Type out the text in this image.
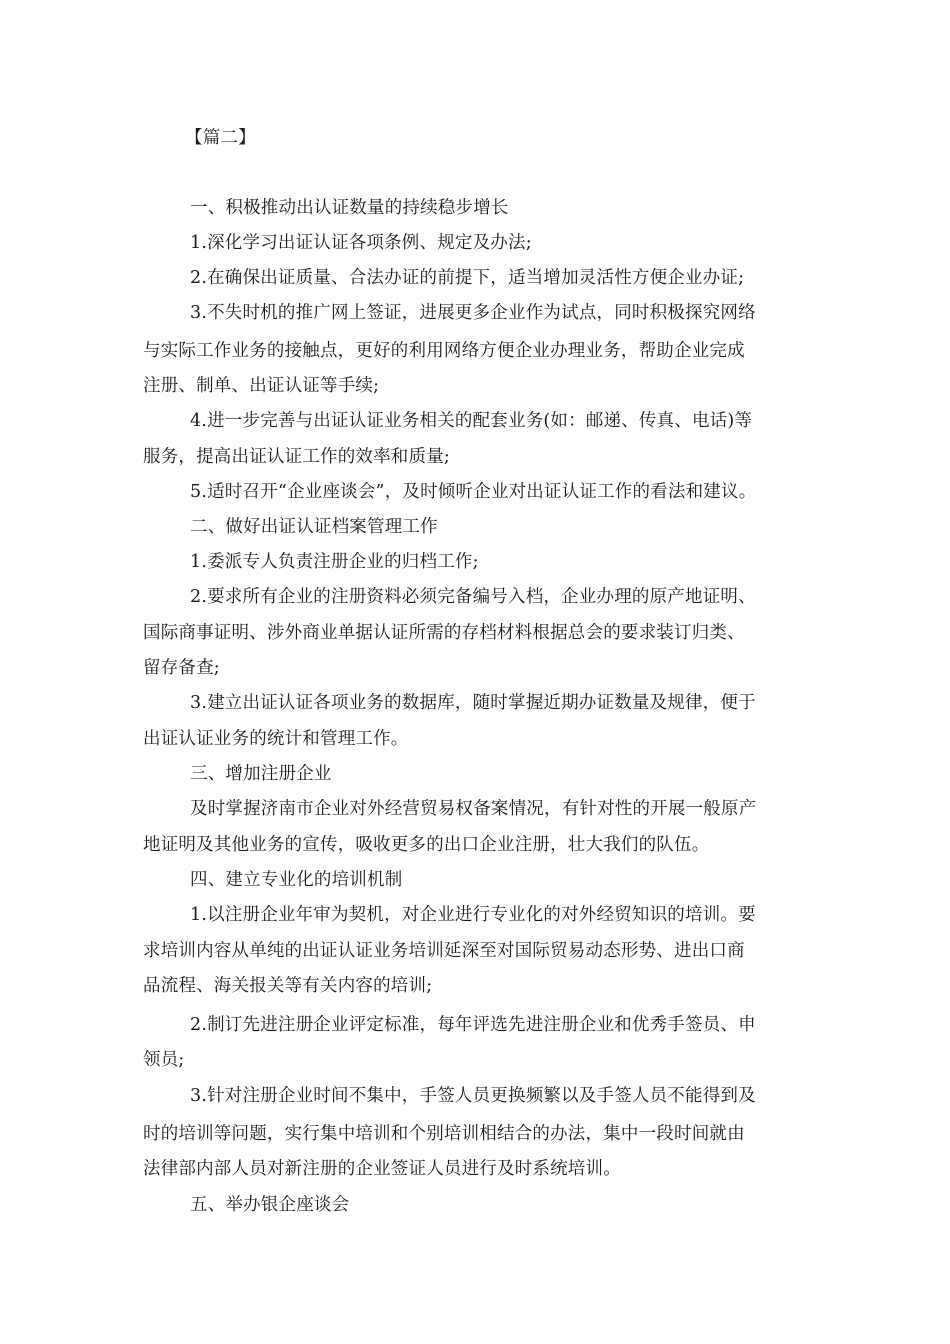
【篇二】
一、积极推动出认证数量的持续稳步增长
1.深化学习出证认证各项条例、规定及办法;
2.在确保出证质量、合法办证的前提下，适当增加灵活性方便企业办证;
3.不失时机的推广网上签证，进展更多企业作为试点，同时积极探究网络
与实际工作业务的接触点，更好的利用网络方便企业办理业务，帮助企业完成
注册、制单、出证认证等手续;
4.进一步完善与出证认证业务相关的配套业务(如：邮递、传真、电话)等
服务，提高出证认证工作的效率和质量;
5.适时召开“企业座谈会”，及时倾听企业对出证认证工作的看法和建议。
二、做好出证认证档案管理工作
1.委派专人负责注册企业的归档工作;
2.要求所有企业的注册资料必须完备编号入档，企业办理的原产地证明、
国际商事证明、涉外商业单据认证所需的存档材料根据总会的要求装订归类、
留存备查;
3.建立出证认证各项业务的数据库，随时掌握近期办证数量及规律，便于
出证认证业务的统计和管理工作。
三、增加注册企业
及时掌握济南市企业对外经营贸易权备案情况，有针对性的开展一般原产
地证明及其他业务的宣传，吸收更多的出口企业注册，壮大我们的队伍。
四、建立专业化的培训机制
1.以注册企业年审为契机，对企业进行专业化的对外经贸知识的培训。要
求培训内容从单纯的出证认证业务培训延深至对国际贸易动态形势、进出口商
品流程、海关报关等有关内容的培训;
2.制订先进注册企业评定标准，每年评选先进注册企业和优秀手签员、申
领员;
3.针对注册企业时间不集中，手签人员更换频繁以及手签人员不能得到及
时的培训等问题，实行集中培训和个别培训相结合的办法，集中一段时间就由
法律部内部人员对新注册的企业签证人员进行及时系统培训。
五、举办银企座谈会
